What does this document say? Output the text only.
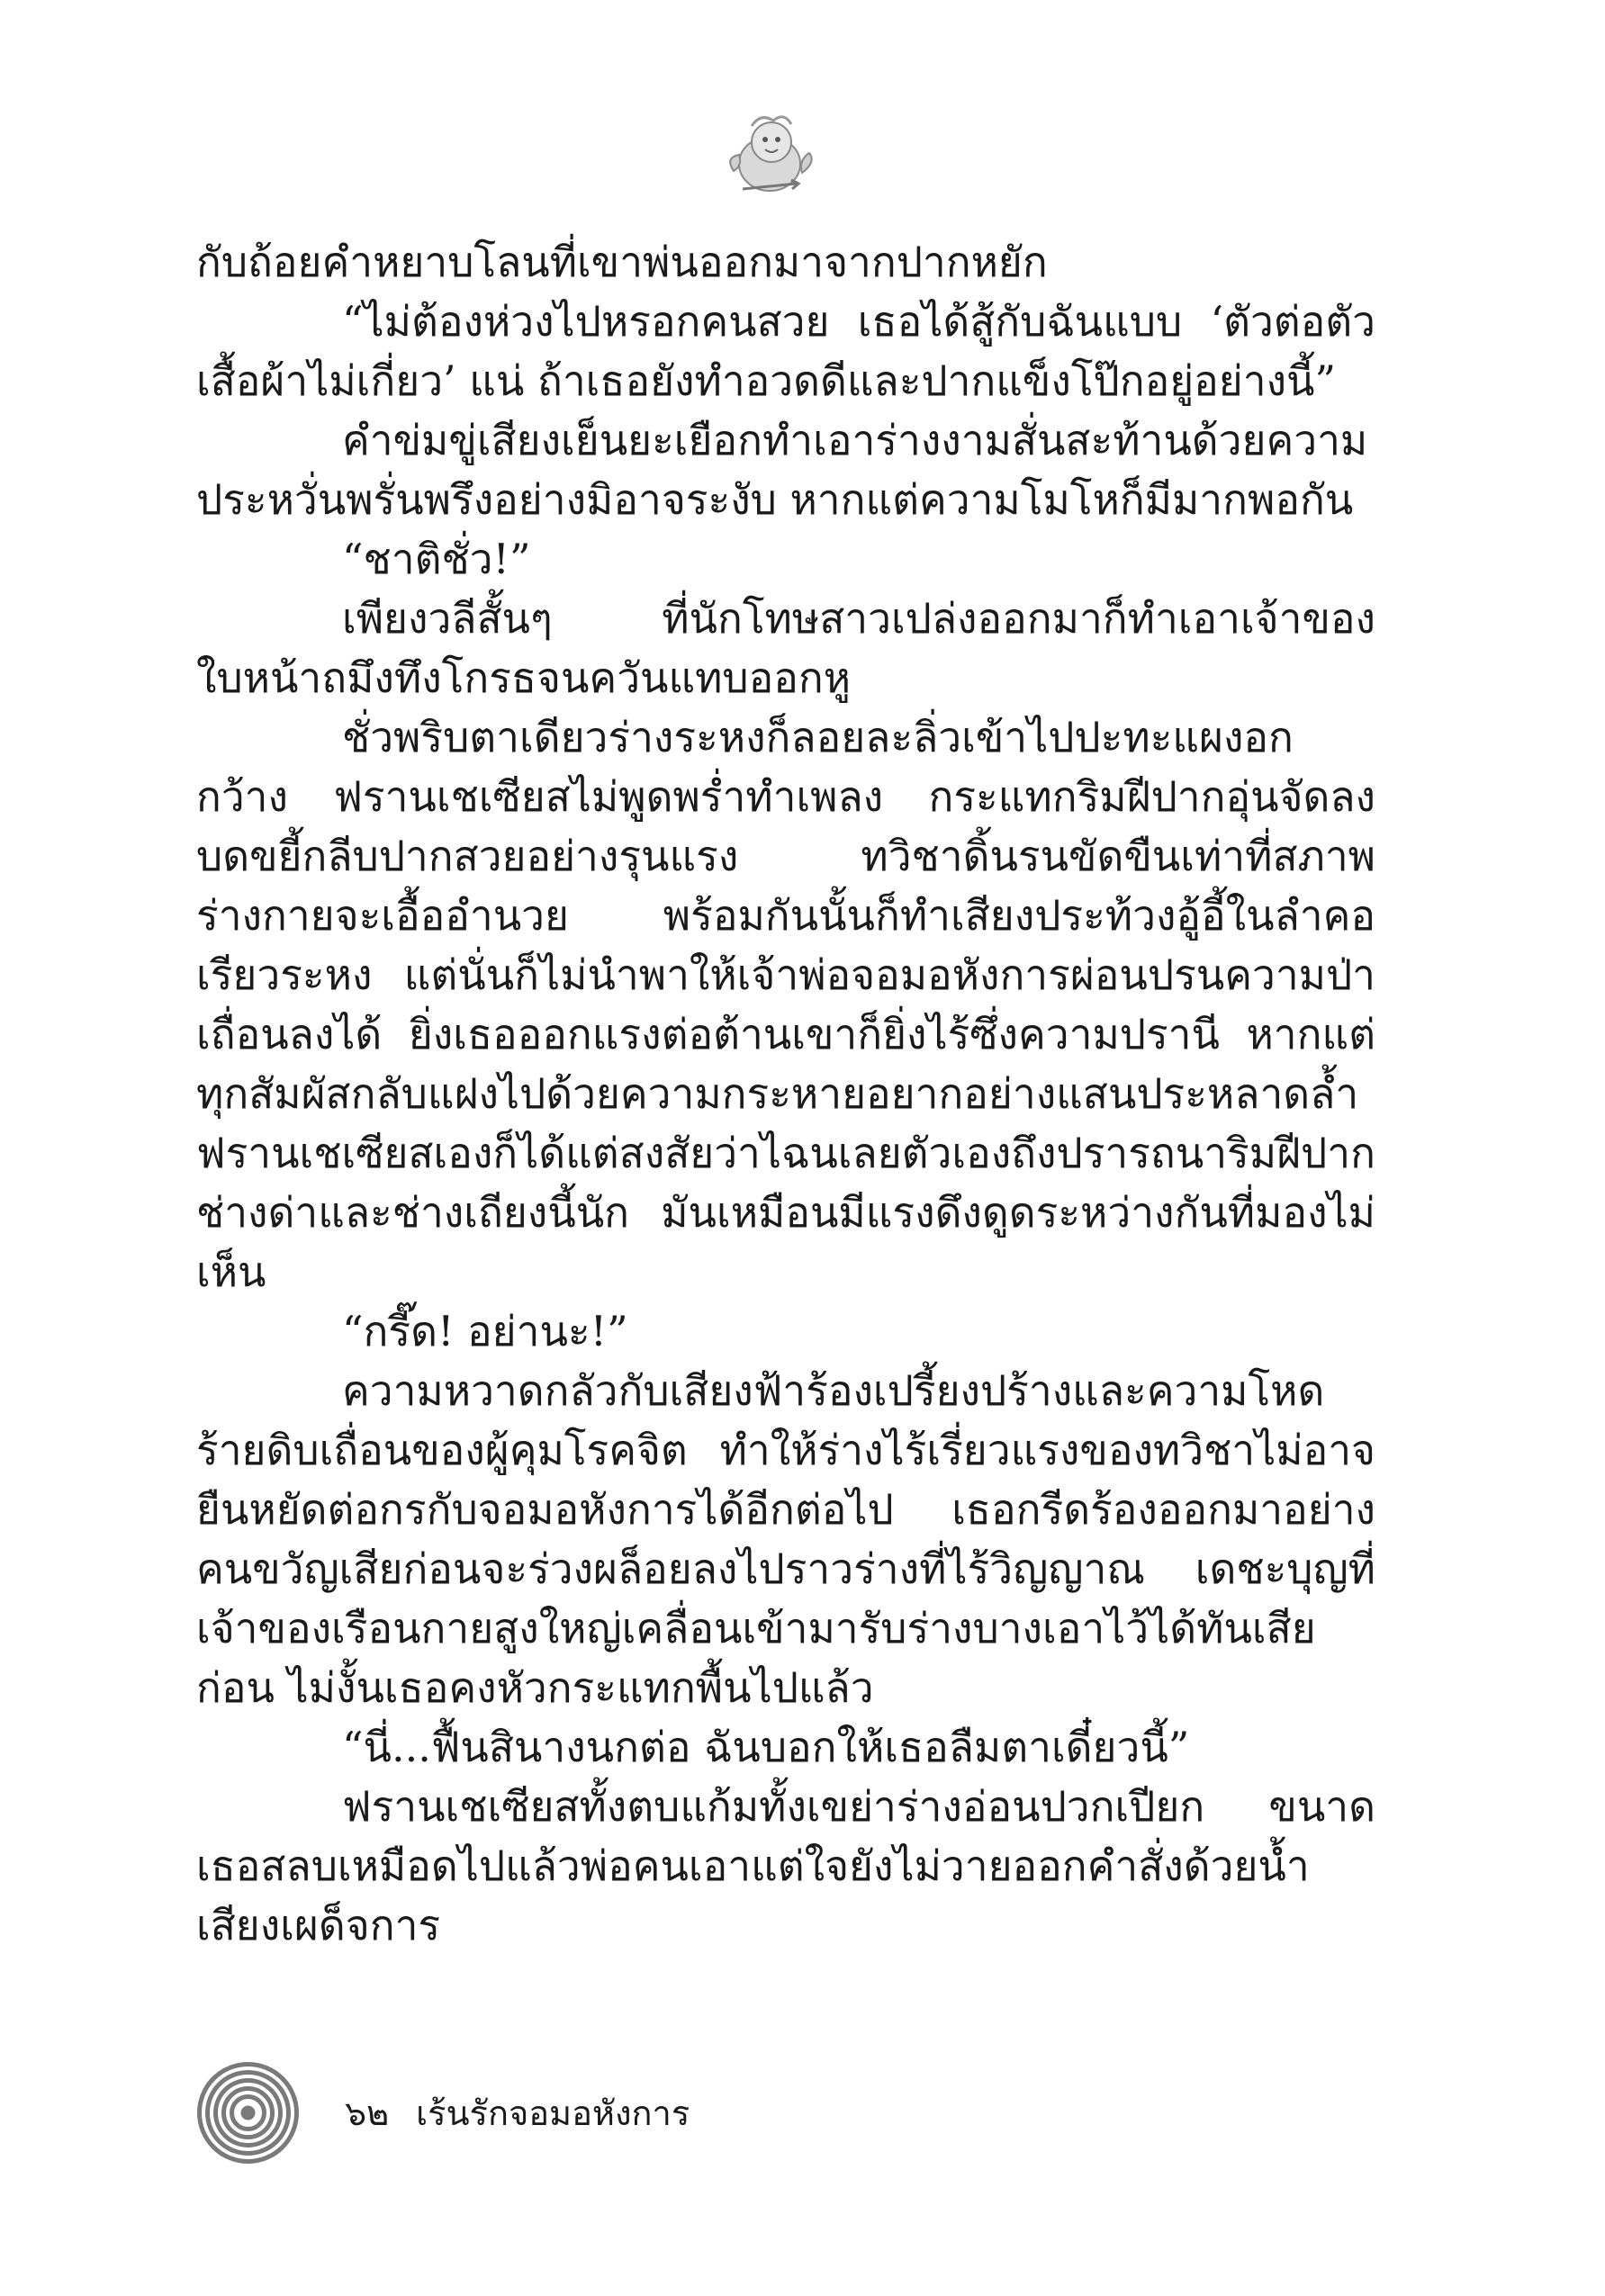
กับถ้อยคำหยาบโลนที่เขาพ่นออกมาจากปากหยัก

“ไม่ต้องห่วงไปหรอกคนสวย เธอได้สู้กับฉันแบบ ‘ตัวต่อตัว เสื้อผ้าไม่เกี่ยว’ แน่ ถ้าเธอยังทำอวดดีและปากแข็งโป๊กอยู่อย่างนี้”

คำข่มขู่เสียงเย็นยะเยือกทำเอาร่างงามสั่นสะท้านด้วยความประหวั่นพรั่นพรึงอย่างมิอาจระงับ หากแต่ความโมโหก็มีมากพอกัน

“ชาติชั่ว!”

เพียงวลีสั้นๆ ที่นักโทษสาวเปล่งออกมาก็ทำเอาเจ้าของใบหน้าถมึงทึงโกรธจนควันแทบออกหู

ชั่วพริบตาเดียวร่างระหงก็ลอยละลิ่วเข้าไปปะทะแผงอกกว้าง ฟรานเชเซียสไม่พูดพร่ำทำเพลง กระแทกริมฝีปากอุ่นจัดลงบดขยี้กลีบปากสวยอย่างรุนแรง ทวิชาดิ้นรนขัดขืนเท่าที่สภาพร่างกายจะเอื้ออำนวย พร้อมกันนั้นก็ทำเสียงประท้วงอู้อี้ในลำคอเรียวระหง แต่นั่นก็ไม่นำพาให้เจ้าพ่อจอมอหังการผ่อนปรนความป่าเถื่อนลงได้ ยิ่งเธอออกแรงต่อต้านเขาก็ยิ่งไร้ซึ่งความปรานี หากแต่ทุกสัมผัสกลับแฝงไปด้วยความกระหายอยากอย่างแสนประหลาดล้ำ ฟรานเชเซียสเองก็ได้แต่สงสัยว่าไฉนเลยตัวเองถึงปรารถนาริมฝีปากช่างด่าและช่างเถียงนี้นัก มันเหมือนมีแรงดึงดูดระหว่างกันที่มองไม่เห็น

“กรี๊ด! อย่านะ!”

ความหวาดกลัวกับเสียงฟ้าร้องเปรี้ยงปร้างและความโหดร้ายดิบเถื่อนของผู้คุมโรคจิต ทำให้ร่างไร้เรี่ยวแรงของทวิชาไม่อาจยืนหยัดต่อกรกับจอมอหังการได้อีกต่อไป เธอกรีดร้องออกมาอย่างคนขวัญเสียก่อนจะร่วงผล็อยลงไปราวร่างที่ไร้วิญญาณ เดชะบุญที่เจ้าของเรือนกายสูงใหญ่เคลื่อนเข้ามารับร่างบางเอาไว้ได้ทันเสียก่อน ไม่งั้นเธอคงหัวกระแทกพื้นไปแล้ว

“นี่...ฟื้นสินางนกต่อ ฉันบอกให้เธอลืมตาเดี๋ยวนี้”

ฟรานเชเซียสทั้งตบแก้มทั้งเขย่าร่างอ่อนปวกเปียก ขนาดเธอสลบเหมือดไปแล้วพ่อคนเอาแต่ใจยังไม่วายออกคำสั่งด้วยน้ำเสียงเผด็จการ

๖๒ เร้นรักจอมอหังการ
